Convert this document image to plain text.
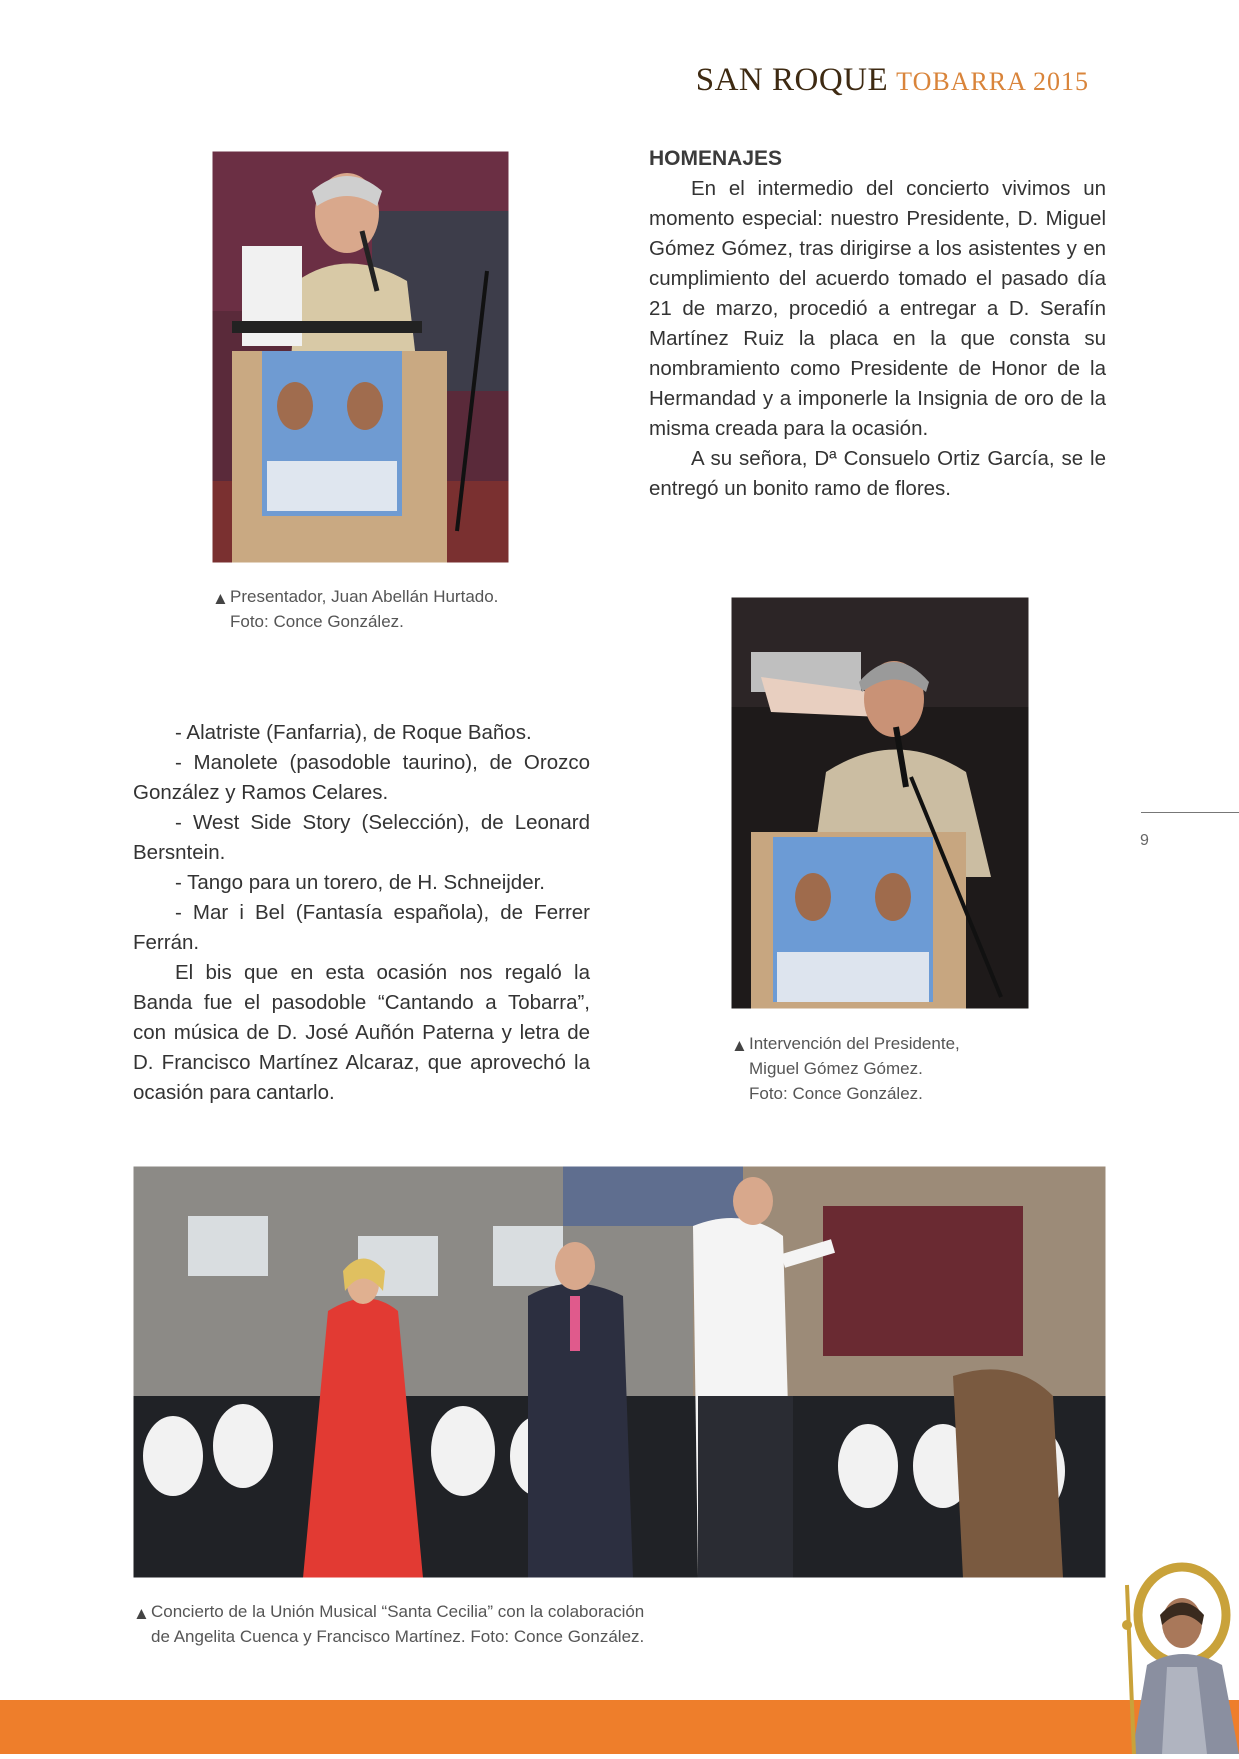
SAN ROQUE TOBARRA 2015
▲ Presentador, Juan Abellán Hurtado.
Foto: Conce González.

HOMENAJES

En el intermedio del concierto vivimos un momento especial: nuestro Presidente, D. Miguel Gómez Gómez, tras dirigirse a los asistentes y en cumplimiento del acuerdo tomado el pasado día 21 de marzo, procedió a entregar a D. Serafín Martínez Ruiz la placa en la que consta su nombramiento como Presidente de Honor de la Hermandad y a imponerle la Insignia de oro de la misma creada para la ocasión.

A su señora, Dª Consuelo Ortiz García, se le entregó un bonito ramo de flores.

▲ Intervención del Presidente,
Miguel Gómez Gómez.
Foto: Conce González.

- Alatriste (Fanfarria), de Roque Baños.

- Manolete (pasodoble taurino), de Orozco González y Ramos Celares.

- West Side Story (Selección), de Leonard Bersntein.

- Tango para un torero, de H. Schneijder.

- Mar i Bel (Fantasía española), de Ferrer Ferrán.

El bis que en esta ocasión nos regaló la Banda fue el pasodoble “Cantando a Tobarra”, con música de D. José Auñón Paterna y letra de D. Francisco Martínez Alcaraz, que aprovechó la ocasión para cantarlo.

9
▲ Concierto de la Unión Musical “Santa Cecilia” con la colaboración
de Angelita Cuenca y Francisco Martínez. Foto: Conce González.
